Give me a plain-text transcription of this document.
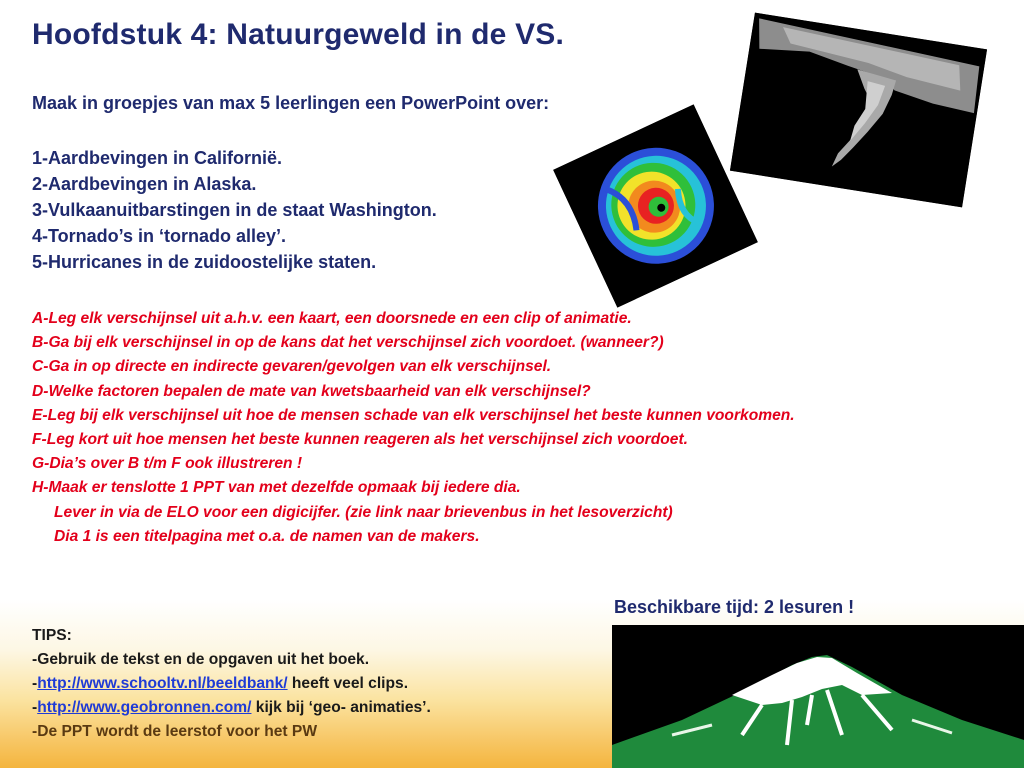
Hoofdstuk 4: Natuurgeweld in de VS.
Maak in groepjes van max 5 leerlingen een PowerPoint over:
1-Aardbevingen in Californië.
2-Aardbevingen in Alaska.
3-Vulkaanuitbarstingen in de staat Washington.
4-Tornado’s in ‘tornado alley’.
5-Hurricanes in de zuidoostelijke staten.
A-Leg elk verschijnsel uit a.h.v. een kaart, een doorsnede en een clip of animatie.
B-Ga bij elk verschijnsel in op de kans dat het verschijnsel zich voordoet. (wanneer?)
C-Ga in op directe en indirecte gevaren/gevolgen van elk verschijnsel.
D-Welke factoren bepalen de mate van kwetsbaarheid van elk verschijnsel?
E-Leg bij elk verschijnsel uit hoe de mensen schade van elk verschijnsel het beste kunnen voorkomen.
F-Leg kort uit hoe mensen het beste kunnen reageren als het verschijnsel zich voordoet.
G-Dia’s over B t/m F ook illustreren !
H-Maak er tenslotte 1 PPT van met dezelfde opmaak bij iedere dia.
Lever in via de ELO voor een digicijfer. (zie link naar brievenbus in het lesoverzicht)
Dia 1 is een titelpagina met o.a. de namen van de makers.
Beschikbare tijd: 2 lesuren !
TIPS:
-Gebruik de tekst en de opgaven uit het boek.
-http://www.schooltv.nl/beeldbank/ heeft veel clips.
-http://www.geobronnen.com/ kijk bij ‘geo- animaties’.
-De PPT wordt de leerstof voor het PW
